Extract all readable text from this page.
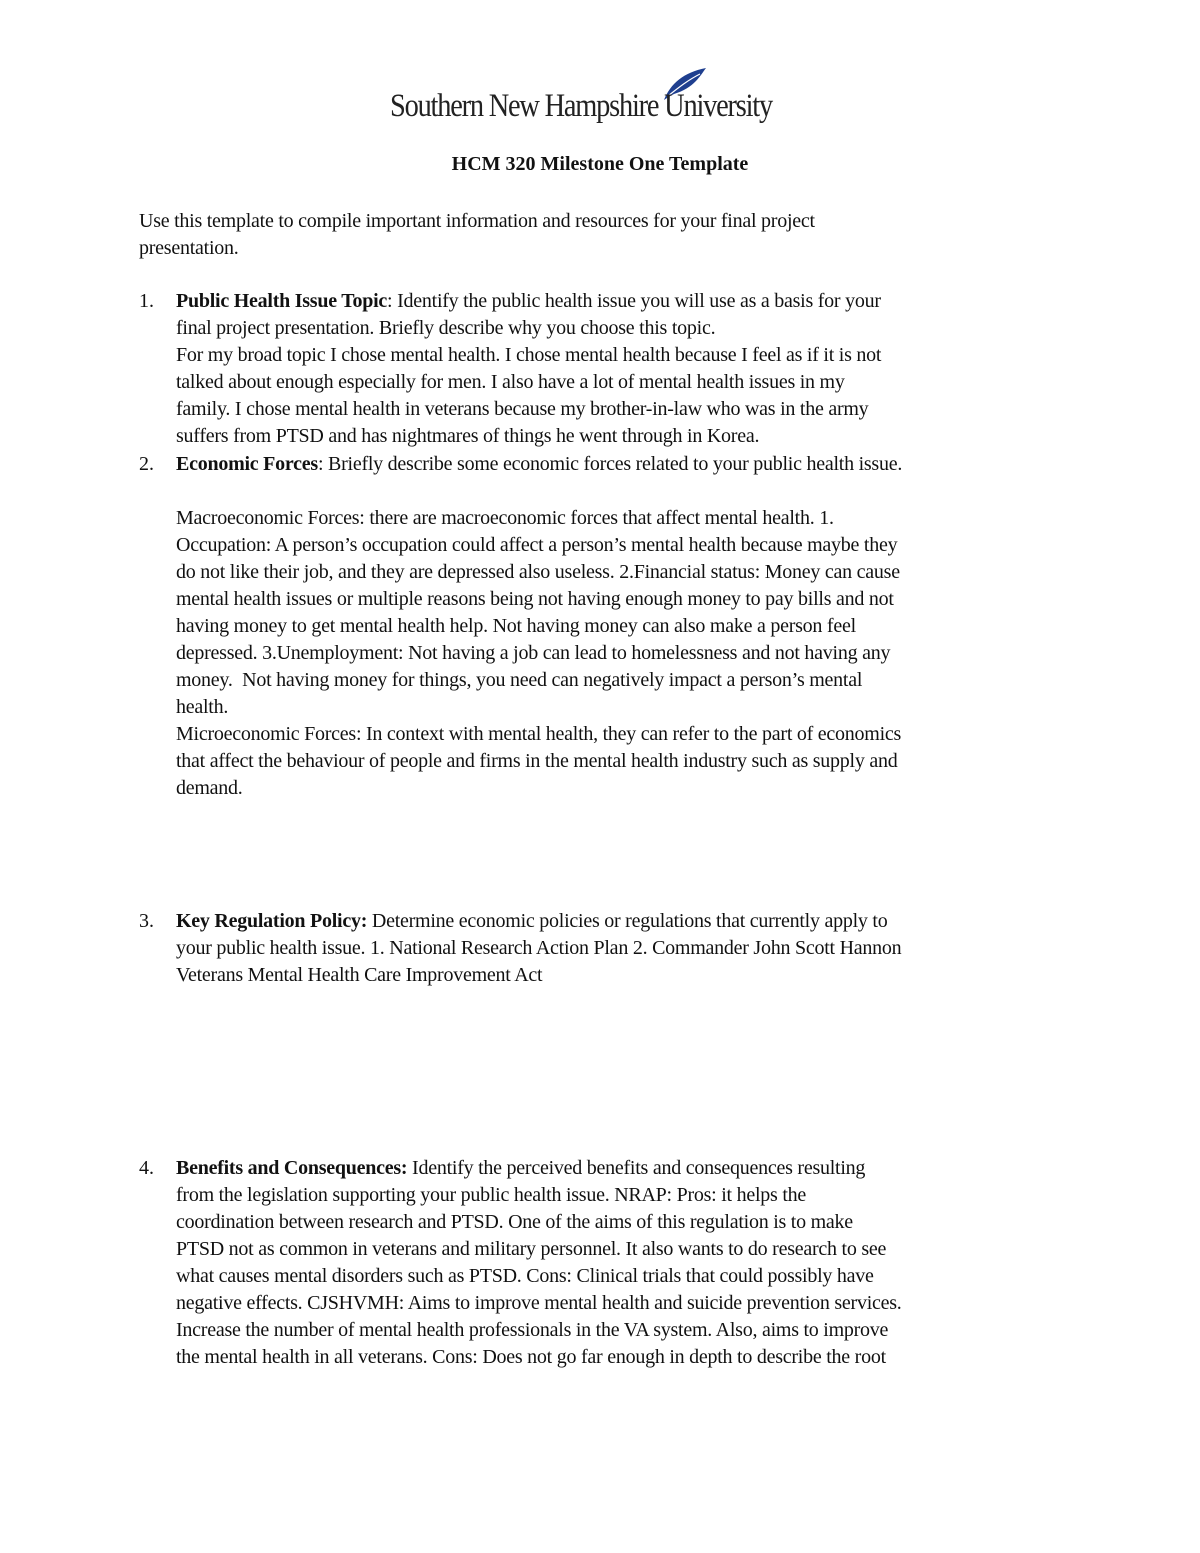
Southern New Hampshire University
HCM 320 Milestone One Template
Use this template to compile important information and resources for your final project
presentation.
1. Public Health Issue Topic: Identify the public health issue you will use as a basis for your
final project presentation. Briefly describe why you choose this topic.
For my broad topic I chose mental health. I chose mental health because I feel as if it is not
talked about enough especially for men. I also have a lot of mental health issues in my
family. I chose mental health in veterans because my brother-in-law who was in the army
suffers from PTSD and has nightmares of things he went through in Korea.
2. Economic Forces: Briefly describe some economic forces related to your public health issue.

Macroeconomic Forces: there are macroeconomic forces that affect mental health. 1.
Occupation: A person’s occupation could affect a person’s mental health because maybe they
do not like their job, and they are depressed also useless. 2.Financial status: Money can cause
mental health issues or multiple reasons being not having enough money to pay bills and not
having money to get mental health help. Not having money can also make a person feel
depressed. 3.Unemployment: Not having a job can lead to homelessness and not having any
money.  Not having money for things, you need can negatively impact a person’s mental
health.
Microeconomic Forces: In context with mental health, they can refer to the part of economics
that affect the behaviour of people and firms in the mental health industry such as supply and
demand.
3. Key Regulation Policy: Determine economic policies or regulations that currently apply to
your public health issue. 1. National Research Action Plan 2. Commander John Scott Hannon
Veterans Mental Health Care Improvement Act
4. Benefits and Consequences: Identify the perceived benefits and consequences resulting
from the legislation supporting your public health issue. NRAP: Pros: it helps the
coordination between research and PTSD. One of the aims of this regulation is to make
PTSD not as common in veterans and military personnel. It also wants to do research to see
what causes mental disorders such as PTSD. Cons: Clinical trials that could possibly have
negative effects. CJSHVMH: Aims to improve mental health and suicide prevention services.
Increase the number of mental health professionals in the VA system. Also, aims to improve
the mental health in all veterans. Cons: Does not go far enough in depth to describe the root
